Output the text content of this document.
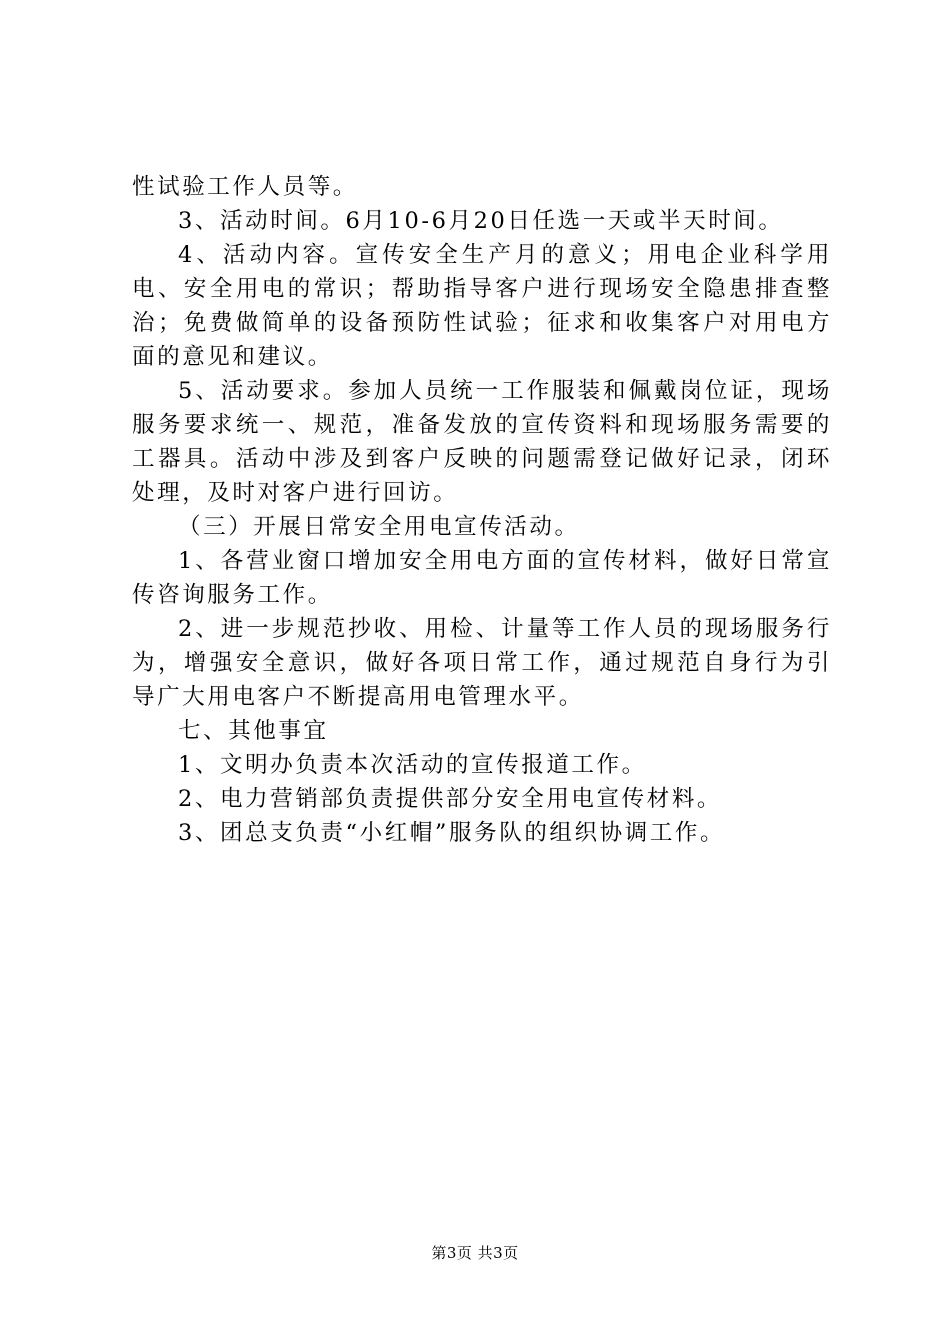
性试验工作人员等。

3、活动时间。6月10-6月20日任选一天或半天时间。

4、活动内容。宣传安全生产月的意义；用电企业科学用电、安全用电的常识；帮助指导客户进行现场安全隐患排查整治；免费做简单的设备预防性试验；征求和收集客户对用电方面的意见和建议。

5、活动要求。参加人员统一工作服装和佩戴岗位证，现场服务要求统一、规范，准备发放的宣传资料和现场服务需要的工器具。活动中涉及到客户反映的问题需登记做好记录，闭环处理，及时对客户进行回访。

（三）开展日常安全用电宣传活动。

1、各营业窗口增加安全用电方面的宣传材料，做好日常宣传咨询服务工作。

2、进一步规范抄收、用检、计量等工作人员的现场服务行为，增强安全意识，做好各项日常工作，通过规范自身行为引导广大用电客户不断提高用电管理水平。

七、其他事宜

1、文明办负责本次活动的宣传报道工作。

2、电力营销部负责提供部分安全用电宣传材料。

3、团总支负责“小红帽”服务队的组织协调工作。

第3页 共3页
